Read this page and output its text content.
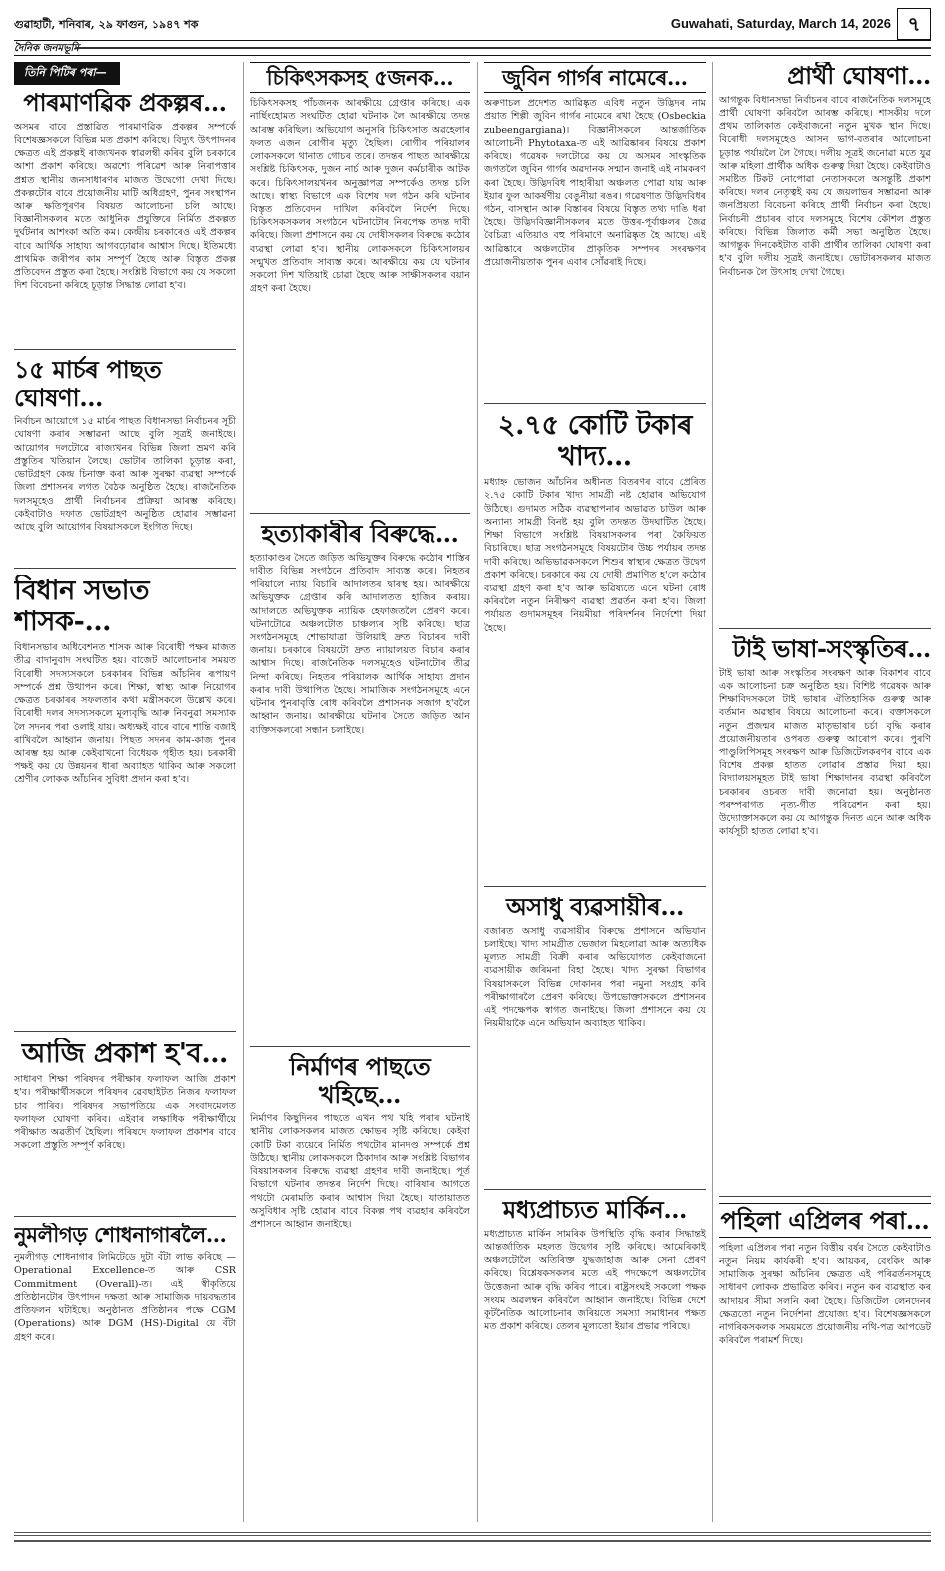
গুৱাহাটী, শনিবাৰ, ২৯ ফাগুন, ১৯৪৭ শক	Guwahati, Saturday, March 14, 2026 ৭
দৈনিক জনমভূমি
তিনি পিটিৰ পৰা—
পাৰমাণৱিক প্ৰকল্পৰ…

অসমৰ বাবে প্ৰস্তাৱিত পাৰমাণৱিক প্ৰকল্পৰ সম্পৰ্কে বিশেষজ্ঞসকলে বিভিন্ন মত প্ৰকাশ কৰিছে। বিদ্যুৎ উৎপাদনৰ ক্ষেত্ৰত এই প্ৰকল্পই ৰাজ্যখনক স্বাৱলম্বী কৰিব বুলি চৰকাৰে আশা প্ৰকাশ কৰিছে। অৱশ্যে পৰিৱেশ আৰু নিৰাপত্তাৰ প্ৰশ্নত স্থানীয় জনসাধাৰণৰ মাজত উদ্বেগো দেখা দিছে। প্ৰকল্পটোৰ বাবে প্ৰয়োজনীয় মাটি অধিগ্ৰহণ, পুনৰ সংস্থাপন আৰু ক্ষতিপূৰণৰ বিষয়ত আলোচনা চলি আছে। বিজ্ঞানীসকলৰ মতে আধুনিক প্ৰযুক্তিৰে নিৰ্মিত প্ৰকল্পত দুৰ্ঘটনাৰ আশংকা অতি কম। কেন্দ্ৰীয় চৰকাৰেও এই প্ৰকল্পৰ বাবে আৰ্থিক সাহায্য আগবঢ়োৱাৰ আশ্বাস দিছে। ইতিমধ্যে প্ৰাথমিক জৰীপৰ কাম সম্পূৰ্ণ হৈছে আৰু বিস্তৃত প্ৰকল্প প্ৰতিবেদন প্ৰস্তুত কৰা হৈছে। সংশ্লিষ্ট বিভাগে কয় যে সকলো দিশ বিবেচনা কৰিহে চূড়ান্ত সিদ্ধান্ত লোৱা হ'ব।

১৫ মাৰ্চৰ পাছত ঘোষণা…

নিৰ্বাচন আয়োগে ১৫ মাৰ্চৰ পাছত বিধানসভা নিৰ্বাচনৰ সূচী ঘোষণা কৰাৰ সম্ভাৱনা আছে বুলি সূত্ৰই জনাইছে। আয়োগৰ দলটোৱে ৰাজ্যখনৰ বিভিন্ন জিলা ভ্ৰমণ কৰি প্ৰস্তুতিৰ খতিয়ান লৈছে। ভোটাৰ তালিকা চূড়ান্ত কৰা, ভোটগ্ৰহণ কেন্দ্ৰ চিনাক্ত কৰা আৰু সুৰক্ষা ব্যৱস্থা সম্পৰ্কে জিলা প্ৰশাসনৰ লগত বৈঠক অনুষ্ঠিত হৈছে। ৰাজনৈতিক দলসমূহেও প্ৰাৰ্থী নিৰ্বাচনৰ প্ৰক্ৰিয়া আৰম্ভ কৰিছে। কেইবাটাও দফাত ভোটগ্ৰহণ অনুষ্ঠিত হোৱাৰ সম্ভাৱনা আছে বুলি আয়োগৰ বিষয়াসকলে ইংগিত দিছে।

বিধান সভাত শাসক-…

বিধানসভাৰ অধিবেশনত শাসক আৰু বিৰোধী পক্ষৰ মাজত তীব্ৰ বাদানুবাদ সংঘটিত হয়। বাজেট আলোচনাৰ সময়ত বিৰোধী সদস্যসকলে চৰকাৰৰ বিভিন্ন আঁচনিৰ ৰূপায়ণ সম্পৰ্কে প্ৰশ্ন উত্থাপন কৰে। শিক্ষা, স্বাস্থ্য আৰু নিয়োগৰ ক্ষেত্ৰত চৰকাৰৰ সফলতাৰ কথা মন্ত্ৰীসকলে উল্লেখ কৰে। বিৰোধী দলৰ সদস্যসকলে মূল্যবৃদ্ধি আৰু নিবনুৱা সমস্যাক লৈ সদনৰ পৰা ওলাই যায়। অধ্যক্ষই বাৰে বাৰে শান্তি বজাই ৰাখিবলৈ আহ্বান জনায়। পিছত সদনৰ কাম-কাজ পুনৰ আৰম্ভ হয় আৰু কেইবাখনো বিধেয়ক গৃহীত হয়। চৰকাৰী পক্ষই কয় যে উন্নয়নৰ ধাৰা অব্যাহত থাকিব আৰু সকলো শ্ৰেণীৰ লোকক আঁচনিৰ সুবিধা প্ৰদান কৰা হ'ব।

আজি প্ৰকাশ হ'ব…

সাধাৰণ শিক্ষা পৰিষদৰ পৰীক্ষাৰ ফলাফল আজি প্ৰকাশ হ'ব। পৰীক্ষাৰ্থীসকলে পৰিষদৰ ৱেবছাইটত নিজৰ ফলাফল চাব পাৰিব। পৰিষদৰ সভাপতিয়ে এক সংবাদমেলত ফলাফল ঘোষণা কৰিব। এইবাৰ লক্ষাধিক পৰীক্ষাৰ্থীয়ে পৰীক্ষাত অৱতীৰ্ণ হৈছিল। পৰিষদে ফলাফল প্ৰকাশৰ বাবে সকলো প্ৰস্তুতি সম্পূৰ্ণ কৰিছে।

নুমলীগড় শোধনাগাৰলৈ…

নুমলীগড় শোধনাগাৰ লিমিটেডে দুটা বঁটা লাভ কৰিছে — Operational Excellence-ত আৰু CSR Commitment (Overall)-ত। এই স্বীকৃতিয়ে প্ৰতিষ্ঠানটোৰ উৎপাদন দক্ষতা আৰু সামাজিক দায়বদ্ধতাৰ প্ৰতিফলন ঘটাইছে। অনুষ্ঠানত প্ৰতিষ্ঠানৰ পক্ষে CGM (Operations) আৰু DGM (HS)-Digital য়ে বঁটা গ্ৰহণ কৰে।

চিকিৎসকসহ ৫জনক…

চিকিৎসকসহ পাঁচজনক আৰক্ষীয়ে গ্ৰেপ্তাৰ কৰিছে। এক নাৰ্ছিংহোমত সংঘটিত হোৱা ঘটনাক লৈ আৰক্ষীয়ে তদন্ত আৰম্ভ কৰিছিল। অভিযোগ অনুসৰি চিকিৎসাত অৱহেলাৰ ফলত এজন ৰোগীৰ মৃত্যু হৈছিল। ৰোগীৰ পৰিয়ালৰ লোকসকলে থানাত গোচৰ তৰে। তদন্তৰ পাছত আৰক্ষীয়ে সংশ্লিষ্ট চিকিৎসক, দুজন নাৰ্চ আৰু দুজন কৰ্মচাৰীক আটক কৰে। চিকিৎসালয়খনৰ অনুজ্ঞাপত্ৰ সম্পৰ্কেও তদন্ত চলি আছে। স্বাস্থ্য বিভাগে এক বিশেষ দল গঠন কৰি ঘটনাৰ বিস্তৃত প্ৰতিবেদন দাখিল কৰিবলৈ নিৰ্দেশ দিছে। চিকিৎসকসকলৰ সংগঠনে ঘটনাটোৰ নিৰপেক্ষ তদন্ত দাবী কৰিছে। জিলা প্ৰশাসনে কয় যে দোষীসকলৰ বিৰুদ্ধে কঠোৰ ব্যৱস্থা লোৱা হ'ব। স্থানীয় লোকসকলে চিকিৎসালয়ৰ সন্মুখত প্ৰতিবাদ সাব্যস্ত কৰে। আৰক্ষীয়ে কয় যে ঘটনাৰ সকলো দিশ খতিয়াই চোৱা হৈছে আৰু সাক্ষীসকলৰ বয়ান গ্ৰহণ কৰা হৈছে।

হত্যাকাৰীৰ বিৰুদ্ধে…

হত্যাকাণ্ডৰ সৈতে জড়িত অভিযুক্তৰ বিৰুদ্ধে কঠোৰ শাস্তিৰ দাবীত বিভিন্ন সংগঠনে প্ৰতিবাদ সাব্যস্ত কৰে। নিহতৰ পৰিয়ালে ন্যায় বিচাৰি আদালতৰ দ্বাৰস্থ হয়। আৰক্ষীয়ে অভিযুক্তক গ্ৰেপ্তাৰ কৰি আদালতত হাজিৰ কৰায়। আদালতে অভিযুক্তক ন্যায়িক হেফাজতলৈ প্ৰেৰণ কৰে। ঘটনাটোৱে অঞ্চলটোত চাঞ্চল্যৰ সৃষ্টি কৰিছে। ছাত্ৰ সংগঠনসমূহে শোভাযাত্ৰা উলিয়াই দ্ৰুত বিচাৰৰ দাবী জনায়। চৰকাৰে বিষয়টো দ্ৰুত ন্যায়ালয়ত বিচাৰ কৰাৰ আশ্বাস দিছে। ৰাজনৈতিক দলসমূহেও ঘটনাটোৰ তীব্ৰ নিন্দা কৰিছে। নিহতৰ পৰিয়ালক আৰ্থিক সাহায্য প্ৰদান কৰাৰ দাবী উত্থাপিত হৈছে। সামাজিক সংগঠনসমূহে এনে ঘটনাৰ পুনৰাবৃত্তি ৰোধ কৰিবলৈ প্ৰশাসনক সজাগ হ'বলৈ আহ্বান জনায়। আৰক্ষীয়ে ঘটনাৰ সৈতে জড়িত আন ব্যক্তিসকলৰো সন্ধান চলাইছে।

নিৰ্মাণৰ পাছতে খহিছে…

নিৰ্মাণৰ কিছুদিনৰ পাছতে এখন পথ খহি পৰাৰ ঘটনাই স্থানীয় লোকসকলৰ মাজত ক্ষোভৰ সৃষ্টি কৰিছে। কেইবা কোটি টকা ব্যয়েৰে নিৰ্মিত পথটোৰ মানদণ্ড সম্পৰ্কে প্ৰশ্ন উঠিছে। স্থানীয় লোকসকলে ঠিকাদাৰ আৰু সংশ্লিষ্ট বিভাগৰ বিষয়াসকলৰ বিৰুদ্ধে ব্যৱস্থা গ্ৰহণৰ দাবী জনাইছে। পূৰ্ত বিভাগে ঘটনাৰ তদন্তৰ নিৰ্দেশ দিছে। বাৰিষাৰ আগতে পথটো মেৰামতি কৰাৰ আশ্বাস দিয়া হৈছে। যাতায়াতত অসুবিধাৰ সৃষ্টি হোৱাৰ বাবে বিকল্প পথ ব্যৱহাৰ কৰিবলৈ প্ৰশাসনে আহ্বান জনাইছে।

জুবিন গাৰ্গৰ নামেৰে…

অৰুণাচল প্ৰদেশত আৱিষ্কৃত এবিধ নতুন উদ্ভিদৰ নাম প্ৰয়াত শিল্পী জুবিন গাৰ্গৰ নামেৰে ৰখা হৈছে (Osbeckia zubeengargiana)। বিজ্ঞানীসকলে আন্তৰ্জাতিক আলোচনী Phytotaxa-ত এই আৱিষ্কাৰৰ বিষয়ে প্ৰকাশ কৰিছে। গৱেষক দলটোৱে কয় যে অসমৰ সাংস্কৃতিক জগতলৈ জুবিন গাৰ্গৰ অৱদানক সন্মান জনাই এই নামকৰণ কৰা হৈছে। উদ্ভিদবিধ পাহাৰীয়া অঞ্চলত পোৱা যায় আৰু ইয়াৰ ফুল আকৰ্ষণীয় বেঙুনীয়া ৰঙৰ। গৱেষণাত উদ্ভিদবিধৰ গঠন, বাসস্থান আৰু বিস্তাৰৰ বিষয়ে বিস্তৃত তথ্য দাঙি ধৰা হৈছে। উদ্ভিদবিজ্ঞানীসকলৰ মতে উত্তৰ-পূৰ্বাঞ্চলৰ জৈৱ বৈচিত্ৰ্য এতিয়াও বহু পৰিমাণে অনাৱিষ্কৃত হৈ আছে। এই আৱিষ্কাৰে অঞ্চলটোৰ প্ৰাকৃতিক সম্পদৰ সংৰক্ষণৰ প্ৰয়োজনীয়তাক পুনৰ এবাৰ সোঁৱৰাই দিছে।

২.৭৫ কোটি টকাৰ খাদ্য…

মধ্যাহ্ন ভোজন আঁচনিৰ অধীনত বিতৰণৰ বাবে প্ৰেৰিত ২.৭৫ কোটি টকাৰ খাদ্য সামগ্ৰী নষ্ট হোৱাৰ অভিযোগ উঠিছে। গুদামত সঠিক ব্যৱস্থাপনাৰ অভাৱত চাউল আৰু অন্যান্য সামগ্ৰী বিনষ্ট হয় বুলি তদন্তত উদঘাটিত হৈছে। শিক্ষা বিভাগে সংশ্লিষ্ট বিষয়াসকলৰ পৰা কৈফিয়ত বিচাৰিছে। ছাত্ৰ সংগঠনসমূহে বিষয়টোৰ উচ্চ পৰ্যায়ৰ তদন্ত দাবী কৰিছে। অভিভাৱকসকলে শিশুৰ স্বাস্থ্যৰ ক্ষেত্ৰত উদ্বেগ প্ৰকাশ কৰিছে। চৰকাৰে কয় যে দোষী প্ৰমাণিত হ'লে কঠোৰ ব্যৱস্থা গ্ৰহণ কৰা হ'ব আৰু ভৱিষ্যতে এনে ঘটনা ৰোধ কৰিবলৈ নতুন নিৰীক্ষণ ব্যৱস্থা প্ৰৱৰ্তন কৰা হ'ব। জিলা পৰ্যায়ত গুদামসমূহৰ নিয়মীয়া পৰিদৰ্শনৰ নিৰ্দেশো দিয়া হৈছে।

অসাধু ব্যৱসায়ীৰ…

বজাৰত অসাধু ব্যৱসায়ীৰ বিৰুদ্ধে প্ৰশাসনে অভিযান চলাইছে। খাদ্য সামগ্ৰীত ভেজাল মিহলোৱা আৰু অত্যধিক মূল্যত সামগ্ৰী বিক্ৰী কৰাৰ অভিযোগত কেইবাজনো ব্যৱসায়ীক জৰিমনা বিহা হৈছে। খাদ্য সুৰক্ষা বিভাগৰ বিষয়াসকলে বিভিন্ন দোকানৰ পৰা নমুনা সংগ্ৰহ কৰি পৰীক্ষাগাৰলৈ প্ৰেৰণ কৰিছে। উপভোক্তাসকলে প্ৰশাসনৰ এই পদক্ষেপক স্বাগত জনাইছে। জিলা প্ৰশাসনে কয় যে নিয়মীয়াকৈ এনে অভিযান অব্যাহত থাকিব।

মধ্যপ্ৰাচ্যত মাৰ্কিন…

মধ্যপ্ৰাচ্যত মাৰ্কিন সামৰিক উপস্থিতি বৃদ্ধি কৰাৰ সিদ্ধান্তই আন্তৰ্জাতিক মহলত উদ্বেগৰ সৃষ্টি কৰিছে। আমেৰিকাই অঞ্চলটোলৈ অতিৰিক্ত যুদ্ধজাহাজ আৰু সেনা প্ৰেৰণ কৰিছে। বিশ্লেষকসকলৰ মতে এই পদক্ষেপে অঞ্চলটোৰ উত্তেজনা আৰু বৃদ্ধি কৰিব পাৰে। ৰাষ্ট্ৰসংঘই সকলো পক্ষক সংযম অৱলম্বন কৰিবলৈ আহ্বান জনাইছে। বিভিন্ন দেশে কূটনৈতিক আলোচনাৰ জৰিয়তে সমস্যা সমাধানৰ পক্ষত মত প্ৰকাশ কৰিছে। তেলৰ মূল্যতো ইয়াৰ প্ৰভাৱ পৰিছে।

প্ৰাৰ্থী ঘোষণা…

আগন্তুক বিধানসভা নিৰ্বাচনৰ বাবে ৰাজনৈতিক দলসমূহে প্ৰাৰ্থী ঘোষণা কৰিবলৈ আৰম্ভ কৰিছে। শাসকীয় দলে প্ৰথম তালিকাত কেইবাজনো নতুন মুখক স্থান দিছে। বিৰোধী দলসমূহেও আসন ভাগ-বতৰাৰ আলোচনা চূড়ান্ত পৰ্যায়লৈ লৈ গৈছে। দলীয় সূত্ৰই জনোৱা মতে যুৱ আৰু মহিলা প্ৰাৰ্থীক অধিক গুৰুত্ব দিয়া হৈছে। কেইবাটাও সমষ্টিত টিকট নোপোৱা নেতাসকলে অসন্তুষ্টি প্ৰকাশ কৰিছে। দলৰ নেতৃত্বই কয় যে জয়লাভৰ সম্ভাৱনা আৰু জনপ্ৰিয়তা বিবেচনা কৰিহে প্ৰাৰ্থী নিৰ্বাচন কৰা হৈছে। নিৰ্বাচনী প্ৰচাৰৰ বাবে দলসমূহে বিশেষ কৌশল প্ৰস্তুত কৰিছে। বিভিন্ন জিলাত কৰ্মী সভা অনুষ্ঠিত হৈছে। আগন্তুক দিনকেইটাত বাকী প্ৰাৰ্থীৰ তালিকা ঘোষণা কৰা হ'ব বুলি দলীয় সূত্ৰই জনাইছে। ভোটাৰসকলৰ মাজত নিৰ্বাচনক লৈ উৎসাহ দেখা গৈছে।

টাই ভাষা-সংস্কৃতিৰ…

টাই ভাষা আৰু সংস্কৃতিৰ সংৰক্ষণ আৰু বিকাশৰ বাবে এক আলোচনা চক্ৰ অনুষ্ঠিত হয়। বিশিষ্ট গৱেষক আৰু শিক্ষাবিদসকলে টাই ভাষাৰ ঐতিহাসিক গুৰুত্ব আৰু বৰ্তমান অৱস্থাৰ বিষয়ে আলোচনা কৰে। বক্তাসকলে নতুন প্ৰজন্মৰ মাজত মাতৃভাষাৰ চৰ্চা বৃদ্ধি কৰাৰ প্ৰয়োজনীয়তাৰ ওপৰত গুৰুত্ব আৰোপ কৰে। পুৰণি পাণ্ডুলিপিসমূহ সংৰক্ষণ আৰু ডিজিটেলকৰণৰ বাবে এক বিশেষ প্ৰকল্প হাতত লোৱাৰ প্ৰস্তাৱ দিয়া হয়। বিদ্যালয়সমূহত টাই ভাষা শিক্ষাদানৰ ব্যৱস্থা কৰিবলৈ চৰকাৰৰ ওচৰত দাবী জনোৱা হয়। অনুষ্ঠানত পৰম্পৰাগত নৃত্য-গীত পৰিৱেশন কৰা হয়। উদ্যোক্তাসকলে কয় যে আগন্তুক দিনত এনে আৰু অধিক কাৰ্যসূচী হাতত লোৱা হ'ব।

পহিলা এপ্ৰিলৰ পৰা…

পহিলা এপ্ৰিলৰ পৰা নতুন বিত্তীয় বৰ্ষৰ সৈতে কেইবাটাও নতুন নিয়ম কাৰ্যকৰী হ'ব। আয়কৰ, বেংকিং আৰু সামাজিক সুৰক্ষা আঁচনিৰ ক্ষেত্ৰত এই পৰিৱৰ্তনসমূহে সাধাৰণ লোকক প্ৰভাৱিত কৰিব। নতুন কৰ ব্যৱস্থাত কৰ আদায়ৰ সীমা সলনি কৰা হৈছে। ডিজিটেল লেনদেনৰ ক্ষেত্ৰতো নতুন নিৰ্দেশনা প্ৰযোজ্য হ'ব। বিশেষজ্ঞসকলে নাগৰিকসকলক সময়মতে প্ৰয়োজনীয় নথি-পত্ৰ আপডেট কৰিবলৈ পৰামৰ্শ দিছে।
